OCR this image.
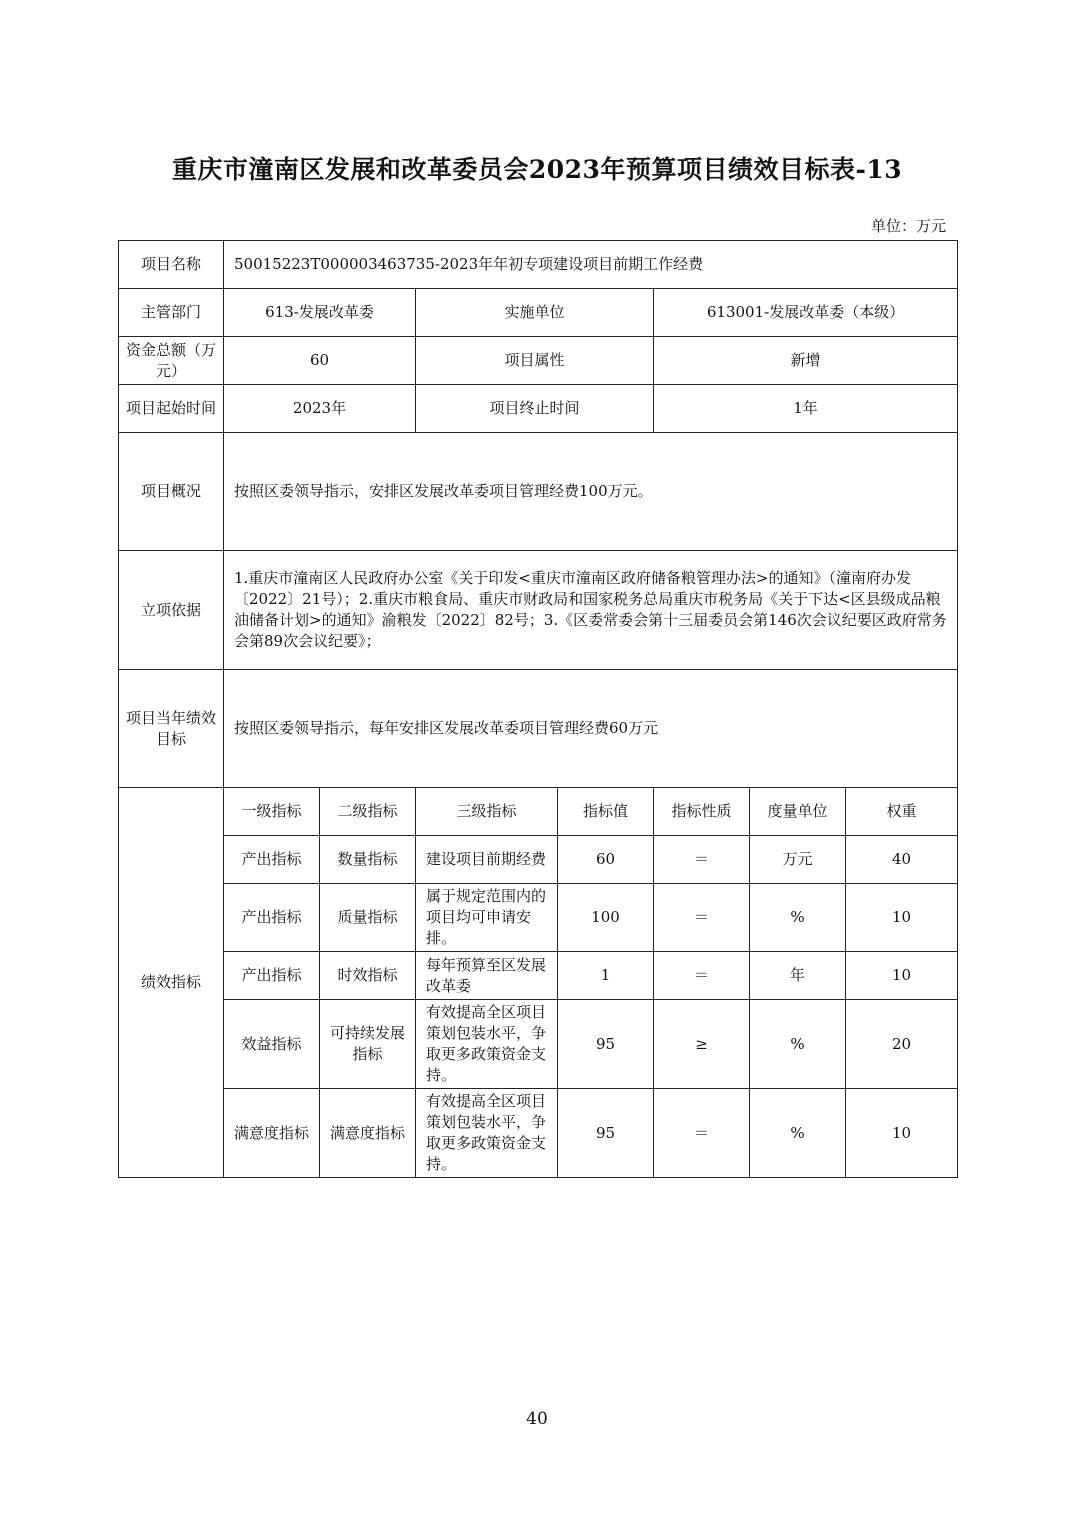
重庆市潼南区发展和改革委员会2023年预算项目绩效目标表-13
单位：万元
项目名称	50015223T000003463735-2023年年初专项建设项目前期工作经费						
主管部门	613-发展改革委		实施单位		613001-发展改革委（本级）		
资金总额（万元）	60		项目属性		新增		
项目起始时间	2023年		项目终止时间		1年		
项目概况	按照区委领导指示，安排区发展改革委项目管理经费100万元。						
立项依据	1.重庆市潼南区人民政府办公室《关于印发<重庆市潼南区政府储备粮管理办法>的通知》（潼南府办发〔2022〕21号）；2.重庆市粮食局、重庆市财政局和国家税务总局重庆市税务局《关于下达<区县级成品粮油储备计划>的通知》渝粮发〔2022〕82号；3.《区委常委会第十三届委员会第146次会议纪要区政府常务会第89次会议纪要》；						
项目当年绩效目标	按照区委领导指示，每年安排区发展改革委项目管理经费60万元						
绩效指标	一级指标	二级指标	三级指标	指标值	指标性质	度量单位	权重
	产出指标	数量指标	建设项目前期经费	60	＝	万元	40
	产出指标	质量指标	属于规定范围内的项目均可申请安排。	100	＝	%	10
	产出指标	时效指标	每年预算至区发展改革委	1	＝	年	10
	效益指标	可持续发展指标	有效提高全区项目策划包装水平，争取更多政策资金支持。	95	≥	%	20
	满意度指标	满意度指标	有效提高全区项目策划包装水平，争取更多政策资金支持。	95	＝	%	10
40
